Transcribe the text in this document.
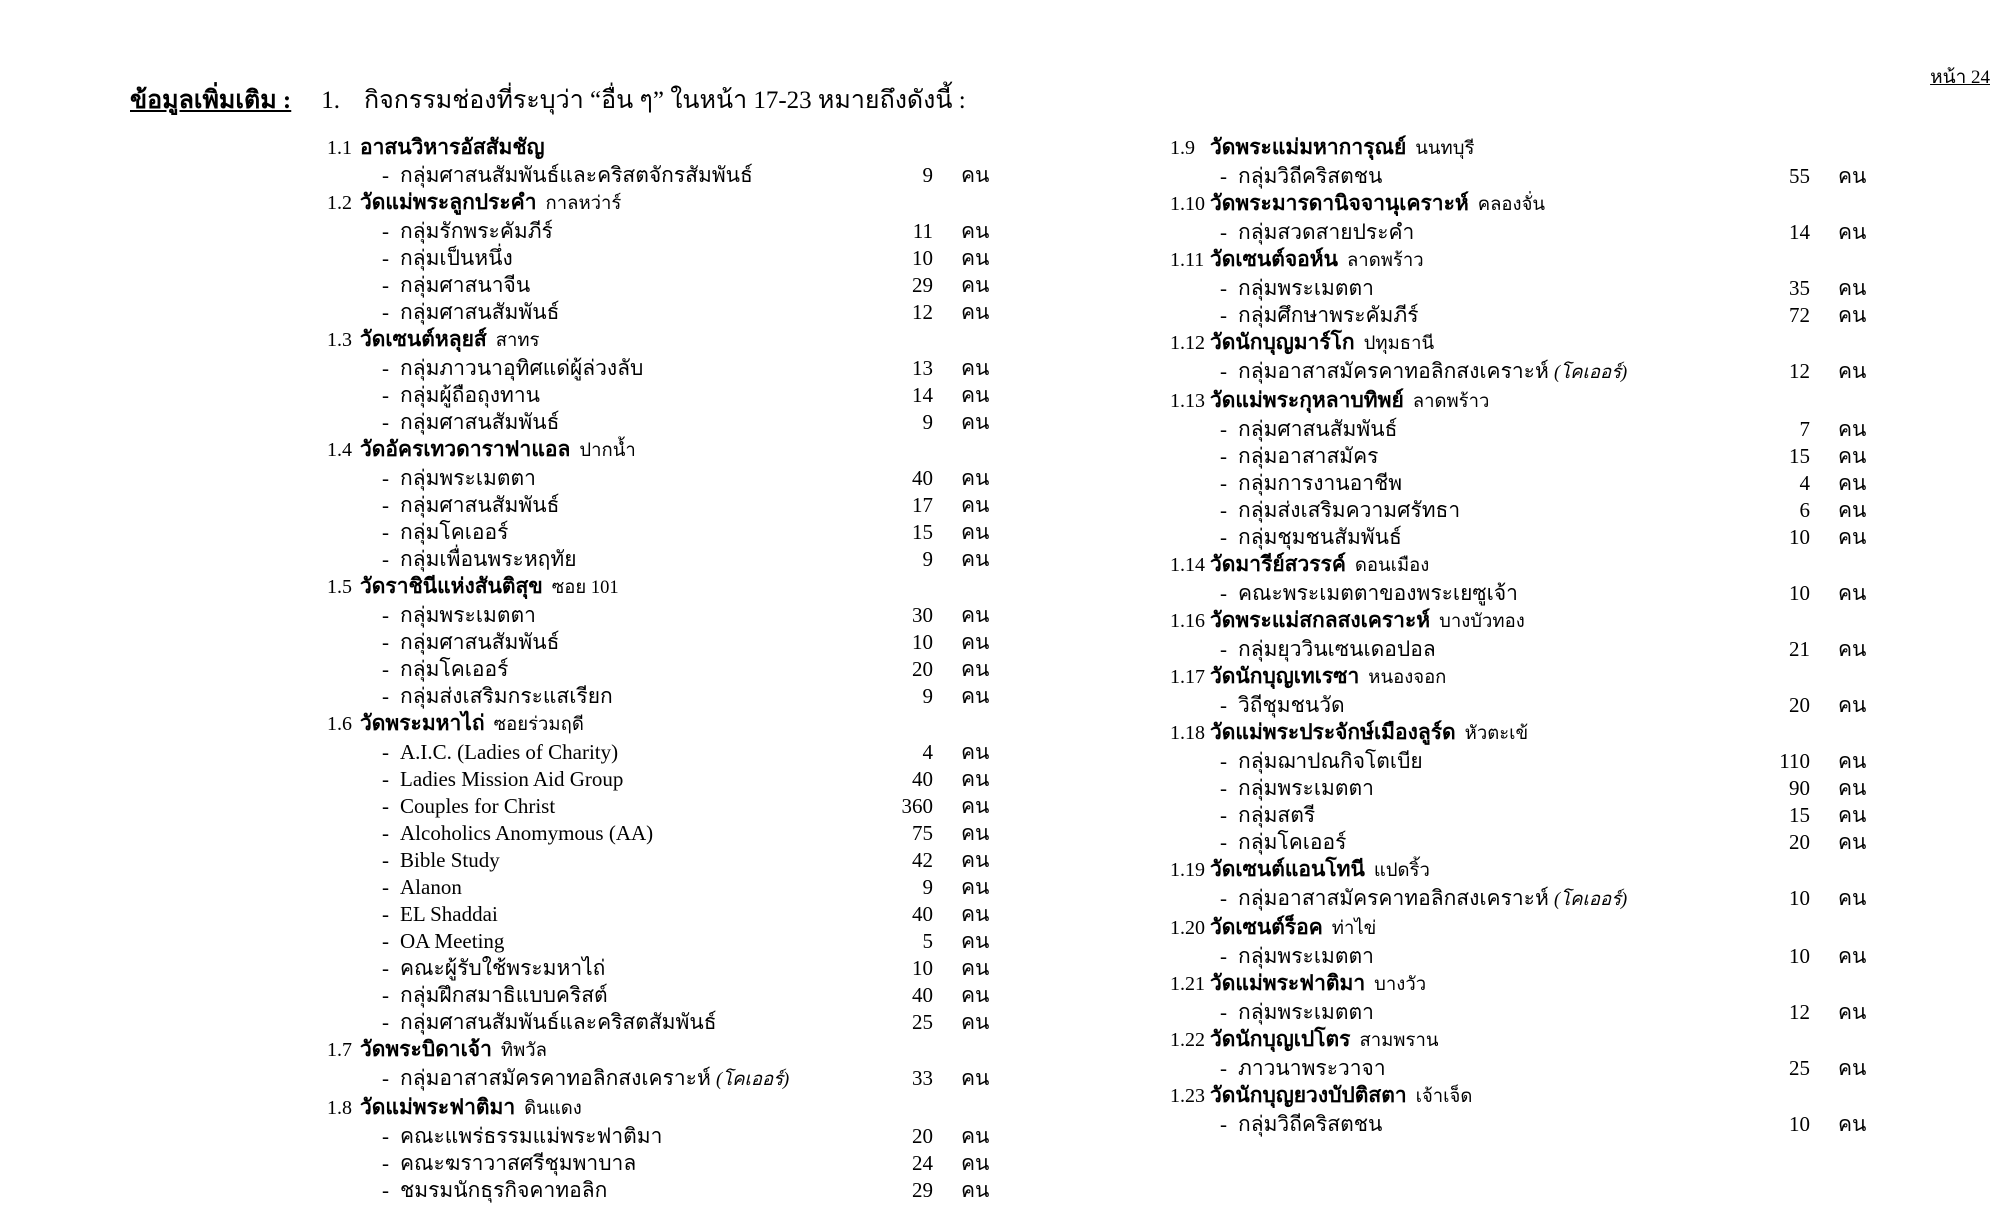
หน้า 24
ข้อมูลเพิ่มเติม : 1. กิจกรรมช่องที่ระบุว่า “อื่น ๆ” ในหน้า 17-23 หมายถึงดังนี้ :
1.1 อาสนวิหารอัสสัมชัญ
- กลุ่มศาสนสัมพันธ์และคริสตจักรสัมพันธ์	9 คน
1.2 วัดแม่พระลูกประคำ กาลหว่าร์
- กลุ่มรักพระคัมภีร์	11 คน
- กลุ่มเป็นหนึ่ง	10 คน
- กลุ่มศาสนาจีน	29 คน
- กลุ่มศาสนสัมพันธ์	12 คน
1.3 วัดเซนต์หลุยส์ สาทร
- กลุ่มภาวนาอุทิศแด่ผู้ล่วงลับ	13 คน
- กลุ่มผู้ถือถุงทาน	14 คน
- กลุ่มศาสนสัมพันธ์	9 คน
1.4 วัดอัครเทวดาราฟาแอล ปากน้ำ
- กลุ่มพระเมตตา	40 คน
- กลุ่มศาสนสัมพันธ์	17 คน
- กลุ่มโคเออร์	15 คน
- กลุ่มเพื่อนพระหฤทัย	9 คน
1.5 วัดราชินีแห่งสันติสุข ซอย 101
- กลุ่มพระเมตตา	30 คน
- กลุ่มศาสนสัมพันธ์	10 คน
- กลุ่มโคเออร์	20 คน
- กลุ่มส่งเสริมกระแสเรียก	9 คน
1.6 วัดพระมหาไถ่ ซอยร่วมฤดี
- A.I.C. (Ladies of Charity)	4 คน
- Ladies Mission Aid Group	40 คน
- Couples for Christ	360 คน
- Alcoholics Anomymous (AA)	75 คน
- Bible Study	42 คน
- Alanon	9 คน
- EL Shaddai	40 คน
- OA Meeting	5 คน
- คณะผู้รับใช้พระมหาไถ่	10 คน
- กลุ่มฝึกสมาธิแบบคริสต์	40 คน
- กลุ่มศาสนสัมพันธ์และคริสตสัมพันธ์	25 คน
1.7 วัดพระบิดาเจ้า ทิพวัล
- กลุ่มอาสาสมัครคาทอลิกสงเคราะห์ (โคเออร์)	33 คน
1.8 วัดแม่พระฟาติมา ดินแดง
- คณะแพร่ธรรมแม่พระฟาติมา	20 คน
- คณะฆราวาสศรีชุมพาบาล	24 คน
- ชมรมนักธุรกิจคาทอลิก	29 คน
1.9 วัดพระแม่มหาการุณย์ นนทบุรี
- กลุ่มวิถีคริสตชน	55 คน
1.10 วัดพระมารดานิจจานุเคราะห์ คลองจั่น
- กลุ่มสวดสายประคำ	14 คน
1.11 วัดเซนต์จอห์น ลาดพร้าว
- กลุ่มพระเมตตา	35 คน
- กลุ่มศึกษาพระคัมภีร์	72 คน
1.12 วัดนักบุญมาร์โก ปทุมธานี
- กลุ่มอาสาสมัครคาทอลิกสงเคราะห์ (โคเออร์)	12 คน
1.13 วัดแม่พระกุหลาบทิพย์ ลาดพร้าว
- กลุ่มศาสนสัมพันธ์	7 คน
- กลุ่มอาสาสมัคร	15 คน
- กลุ่มการงานอาชีพ	4 คน
- กลุ่มส่งเสริมความศรัทธา	6 คน
- กลุ่มชุมชนสัมพันธ์	10 คน
1.14 วัดมารีย์สวรรค์ ดอนเมือง
- คณะพระเมตตาของพระเยซูเจ้า	10 คน
1.16 วัดพระแม่สกลสงเคราะห์ บางบัวทอง
- กลุ่มยุววินเซนเดอปอล	21 คน
1.17 วัดนักบุญเทเรซา หนองจอก
- วิถีชุมชนวัด	20 คน
1.18 วัดแม่พระประจักษ์เมืองลูร์ด หัวตะเข้
- กลุ่มฌาปณกิจโตเบีย	110 คน
- กลุ่มพระเมตตา	90 คน
- กลุ่มสตรี	15 คน
- กลุ่มโคเออร์	20 คน
1.19 วัดเซนต์แอนโทนี แปดริ้ว
- กลุ่มอาสาสมัครคาทอลิกสงเคราะห์ (โคเออร์)	10 คน
1.20 วัดเซนต์ร็อค ท่าไข่
- กลุ่มพระเมตตา	10 คน
1.21 วัดแม่พระฟาติมา บางวัว
- กลุ่มพระเมตตา	12 คน
1.22 วัดนักบุญเปโตร สามพราน
- ภาวนาพระวาจา	25 คน
1.23 วัดนักบุญยวงบัปติสตา เจ้าเจ็ด
- กลุ่มวิถีคริสตชน	10 คน
